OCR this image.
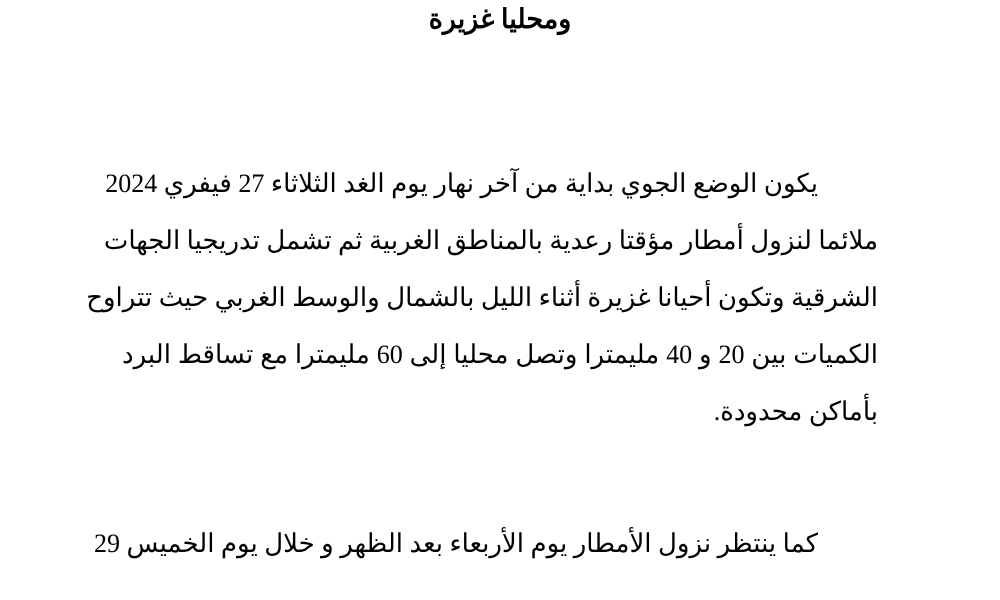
ومحليا غزيرة
يكون الوضع الجوي بداية من آخر نهار يوم الغد الثلاثاء 27 فيفري 2024
ملائما لنزول أمطار مؤقتا رعدية بالمناطق الغربية ثم تشمل تدريجيا الجهات
الشرقية وتكون أحيانا غزيرة أثناء الليل بالشمال والوسط الغربي حيث تتراوح
الكميات بين 20 و 40 مليمترا وتصل محليا إلى 60 مليمترا مع تساقط البرد
بأماكن محدودة.
كما ينتظر نزول الأمطار يوم الأربعاء بعد الظهر و خلال يوم الخميس 29
